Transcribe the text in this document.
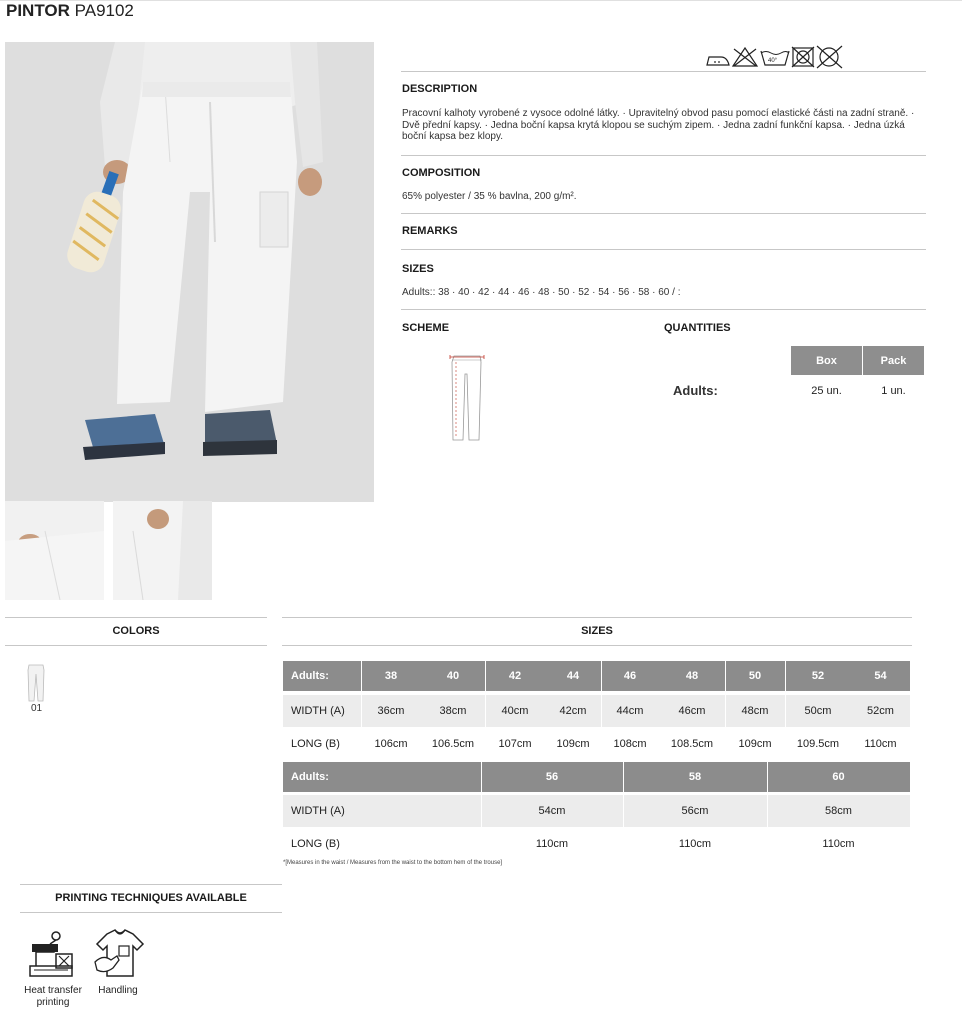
PINTOR PA9102
40°
DESCRIPTION
Pracovní kalhoty vyrobené z vysoce odolné látky. · Upravitelný obvod pasu pomocí elastické části na zadní straně. · Dvě přední kapsy. · Jedna boční kapsa krytá klopou se suchým zipem. · Jedna zadní funkční kapsa. · Jedna úzká boční kapsa bez klopy.
COMPOSITION
65% polyester / 35 % bavlna, 200 g/m².
REMARKS
SIZES
Adults:: 38 · 40 · 42 · 44 · 46 · 48 · 50 · 52 · 54 · 56 · 58 · 60 / :
SCHEME	QUANTITIES
Box	Pack
Adults:	25 un.	1 un.
COLORS
01
SIZES
Adults:	38	40	42	44	46	48	50	52	54
WIDTH (A)	36cm	38cm	40cm	42cm	44cm	46cm	48cm	50cm	52cm
LONG (B)	106cm	106.5cm	107cm	109cm	108cm	108.5cm	109cm	109.5cm	110cm
Adults:	56	58	60
WIDTH (A)	54cm	56cm	58cm
LONG (B)	110cm	110cm	110cm
*[Measures in the waist / Measures from the waist to the bottom hem of the trouse]
PRINTING TECHNIQUES AVAILABLE
Heat transfer printing
Handling
